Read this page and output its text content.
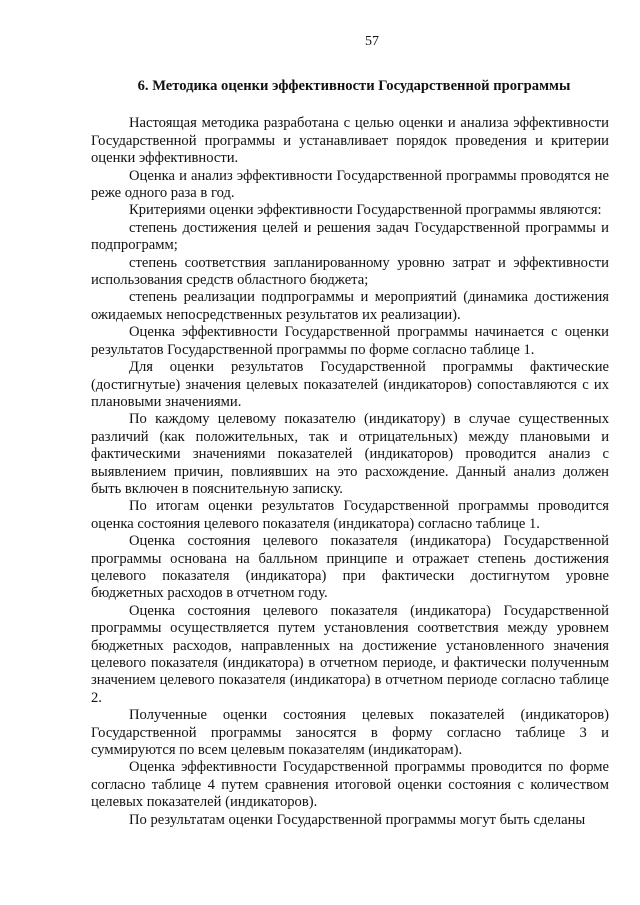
57
6. Методика оценки эффективности Государственной программы

Настоящая методика разработана с целью оценки и анализа эффективности Государственной программы и устанавливает порядок проведения и критерии оценки эффективности.

Оценка и анализ эффективности Государственной программы проводятся не реже одного раза в год.

Критериями оценки эффективности Государственной программы являются:

степень достижения целей и решения задач Государственной программы и подпрограмм;

степень соответствия запланированному уровню затрат и эффективности использования средств областного бюджета;

степень реализации подпрограммы и мероприятий (динамика достижения ожидаемых непосредственных результатов их реализации).

Оценка эффективности Государственной программы начинается с оценки результатов Государственной программы по форме согласно таблице 1.

Для оценки результатов Государственной программы фактические (достигнутые) значения целевых показателей (индикаторов) сопоставляются с их плановыми значениями.

По каждому целевому показателю (индикатору) в случае существенных различий (как положительных, так и отрицательных) между плановыми и фактическими значениями показателей (индикаторов) проводится анализ с выявлением причин, повлиявших на это расхождение. Данный анализ должен быть включен в пояснительную записку.

По итогам оценки результатов Государственной программы проводится оценка состояния целевого показателя (индикатора) согласно таблице 1.

Оценка состояния целевого показателя (индикатора) Государственной программы основана на балльном принципе и отражает степень достижения целевого показателя (индикатора) при фактически достигнутом уровне бюджетных расходов в отчетном году.

Оценка состояния целевого показателя (индикатора) Государственной программы осуществляется путем установления соответствия между уровнем бюджетных расходов, направленных на достижение установленного значения целевого показателя (индикатора) в отчетном периоде, и фактически полученным значением целевого показателя (индикатора) в отчетном периоде согласно таблице 2.

Полученные оценки состояния целевых показателей (индикаторов) Государственной программы заносятся в форму согласно таблице 3 и суммируются по всем целевым показателям (индикаторам).

Оценка эффективности Государственной программы проводится по форме согласно таблице 4 путем сравнения итоговой оценки состояния с количеством целевых показателей (индикаторов).

По результатам оценки Государственной программы могут быть сделаны
